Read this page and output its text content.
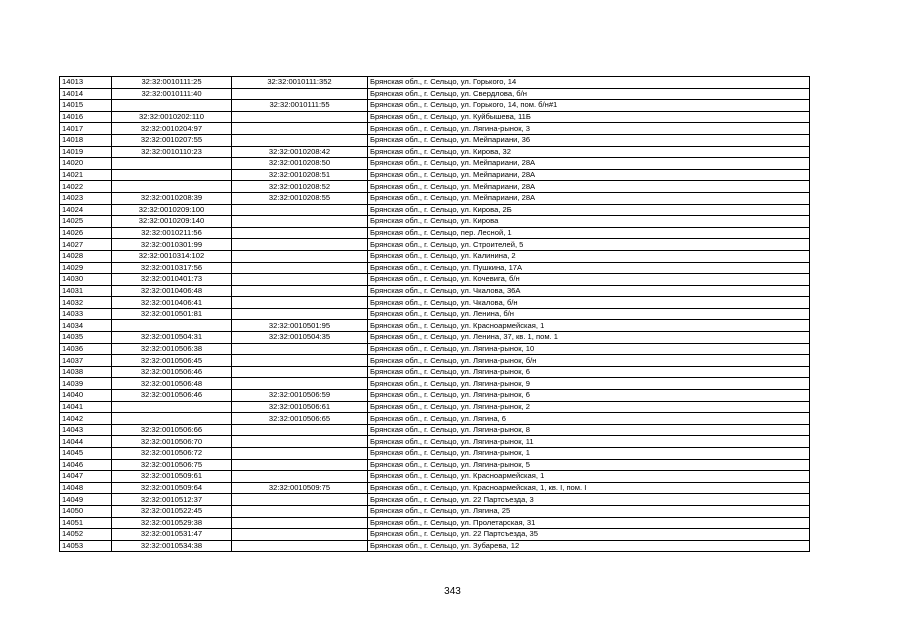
14013	32:32:0010111:25	32:32:0010111:352	Брянская обл., г. Сельцо, ул. Горького, 14
14014	32:32:0010111:40		Брянская обл., г. Сельцо, ул. Свердлова, б/н
14015		32:32:0010111:55	Брянская обл., г. Сельцо, ул. Горького, 14, пом. б/н#1
14016	32:32:0010202:110		Брянская обл., г. Сельцо, ул. Куйбышева, 11Б
14017	32:32:0010204:97		Брянская обл., г. Сельцо, ул. Лягина-рынок, 3
14018	32:32:0010207:55		Брянская обл., г. Сельцо, ул. Мейпариани, 36
14019	32:32:0010110:23	32:32:0010208:42	Брянская обл., г. Сельцо, ул. Кирова, 32
14020		32:32:0010208:50	Брянская обл., г. Сельцо, ул. Мейпариани, 28А
14021		32:32:0010208:51	Брянская обл., г. Сельцо, ул. Мейпариани, 28А
14022		32:32:0010208:52	Брянская обл., г. Сельцо, ул. Мейпариани, 28А
14023	32:32:0010208:39	32:32:0010208:55	Брянская обл., г. Сельцо, ул. Мейпариани, 28А
14024	32:32:0010209:100		Брянская обл., г. Сельцо, ул. Кирова, 2Б
14025	32:32:0010209:140		Брянская обл., г. Сельцо, ул. Кирова
14026	32:32:0010211:56		Брянская обл., г. Сельцо, пер. Лесной, 1
14027	32:32:0010301:99		Брянская обл., г. Сельцо, ул. Строителей, 5
14028	32:32:0010314:102		Брянская обл., г. Сельцо, ул. Калинина, 2
14029	32:32:0010317:56		Брянская обл., г. Сельцо, ул. Пушкина, 17А
14030	32:32:0010401:73		Брянская обл., г. Сельцо, ул. Кочевига, б/н
14031	32:32:0010406:48		Брянская обл., г. Сельцо, ул. Чкалова, 36А
14032	32:32:0010406:41		Брянская обл., г. Сельцо, ул. Чкалова, б/н
14033	32:32:0010501:81		Брянская обл., г. Сельцо, ул. Ленина, б/н
14034		32:32:0010501:95	Брянская обл., г. Сельцо, ул. Красноармейская, 1
14035	32:32:0010504:31	32:32:0010504:35	Брянская обл., г. Сельцо, ул. Ленина, 37, кв. 1, пом. 1
14036	32:32:0010506:38		Брянская обл., г. Сельцо, ул. Лягина-рынок, 10
14037	32:32:0010506:45		Брянская обл., г. Сельцо, ул. Лягина-рынок, б/н
14038	32:32:0010506:46		Брянская обл., г. Сельцо, ул. Лягина-рынок, 6
14039	32:32:0010506:48		Брянская обл., г. Сельцо, ул. Лягина-рынок, 9
14040	32:32:0010506:46	32:32:0010506:59	Брянская обл., г. Сельцо, ул. Лягина-рынок, 6
14041		32:32:0010506:61	Брянская обл., г. Сельцо, ул. Лягина-рынок, 2
14042		32:32:0010506:65	Брянская обл., г. Сельцо, ул. Лягина, 6
14043	32:32:0010506:66		Брянская обл., г. Сельцо, ул. Лягина-рынок, 8
14044	32:32:0010506:70		Брянская обл., г. Сельцо, ул. Лягина-рынок, 11
14045	32:32:0010506:72		Брянская обл., г. Сельцо, ул. Лягина-рынок, 1
14046	32:32:0010506:75		Брянская обл., г. Сельцо, ул. Лягина-рынок, 5
14047	32:32:0010509:61		Брянская обл., г. Сельцо, ул. Красноармейская, 1
14048	32:32:0010509:64	32:32:0010509:75	Брянская обл., г. Сельцо, ул. Красноармейская, 1, кв. I, пом. I
14049	32:32:0010512:37		Брянская обл., г. Сельцо, ул. 22 Партсъезда, 3
14050	32:32:0010522:45		Брянская обл., г. Сельцо, ул. Лягина, 25
14051	32:32:0010529:38		Брянская обл., г. Сельцо, ул. Пролетарская, 31
14052	32:32:0010531:47		Брянская обл., г. Сельцо, ул. 22 Партсъезда, 35
14053	32:32:0010534:38		Брянская обл., г. Сельцо, ул. Зубарева, 12
343
